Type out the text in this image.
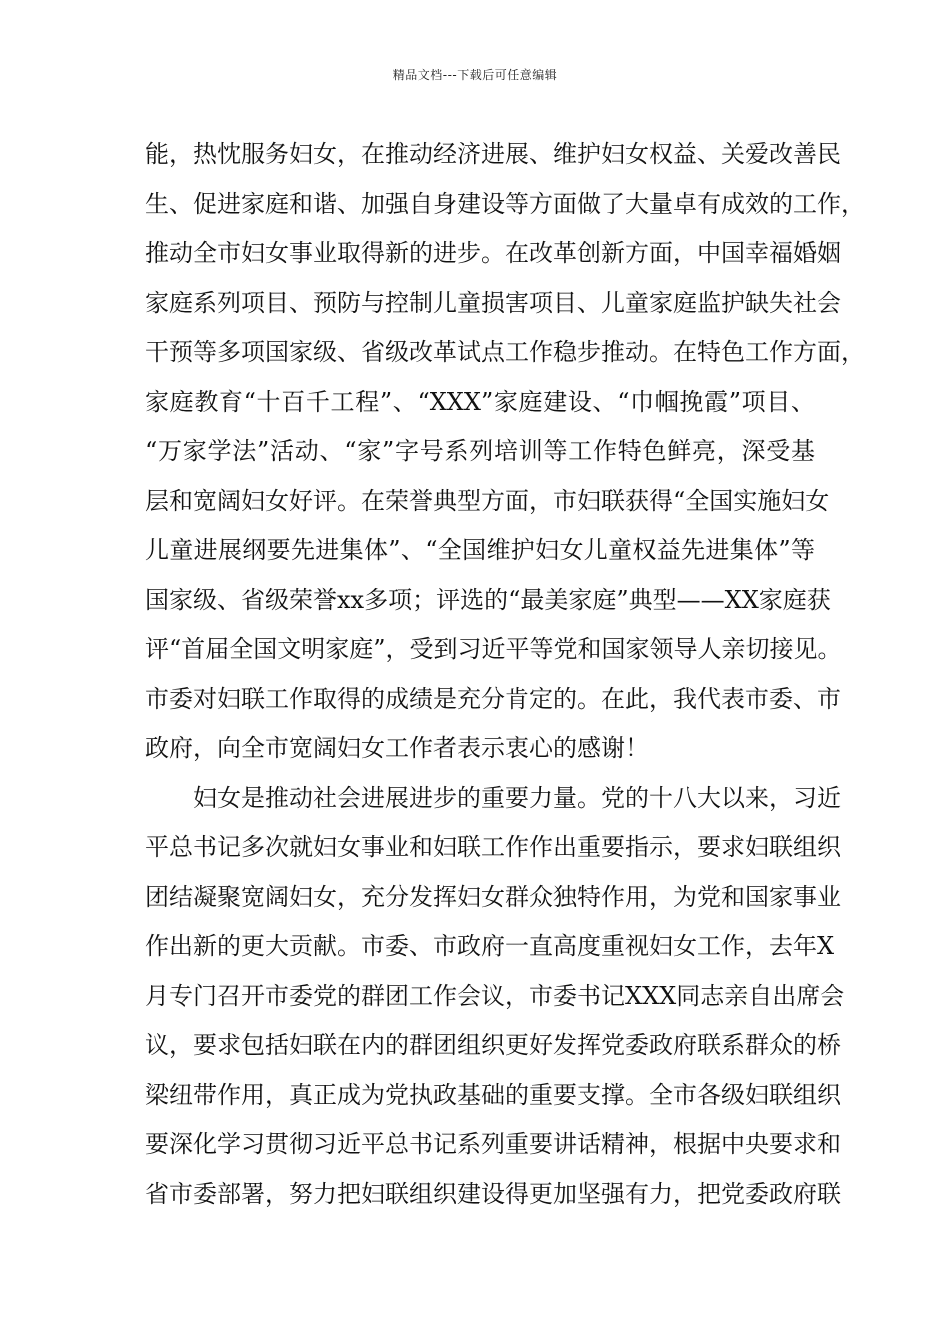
精品文档---下载后可任意编辑
能，热忱服务妇女，在推动经济进展、维护妇女权益、关爱改善民
生、促进家庭和谐、加强自身建设等方面做了大量卓有成效的工作，
推动全市妇女事业取得新的进步。在改革创新方面，中国幸福婚姻
家庭系列项目、预防与控制儿童损害项目、儿童家庭监护缺失社会
干预等多项国家级、省级改革试点工作稳步推动。在特色工作方面，
家庭教育“十百千工程”、“XXX”家庭建设、“巾帼挽霞”项目、
“万家学法”活动、“家”字号系列培训等工作特色鲜亮，深受基
层和宽阔妇女好评。在荣誉典型方面，市妇联获得“全国实施妇女
儿童进展纲要先进集体”、“全国维护妇女儿童权益先进集体”等
国家级、省级荣誉xx多项；评选的“最美家庭”典型——XX家庭获
评“首届全国文明家庭”，受到习近平等党和国家领导人亲切接见。
市委对妇联工作取得的成绩是充分肯定的。在此，我代表市委、市
政府，向全市宽阔妇女工作者表示衷心的感谢！
妇女是推动社会进展进步的重要力量。党的十八大以来，习近
平总书记多次就妇女事业和妇联工作作出重要指示，要求妇联组织
团结凝聚宽阔妇女，充分发挥妇女群众独特作用，为党和国家事业
作出新的更大贡献。市委、市政府一直高度重视妇女工作，去年X
月专门召开市委党的群团工作会议，市委书记XXX同志亲自出席会
议，要求包括妇联在内的群团组织更好发挥党委政府联系群众的桥
梁纽带作用，真正成为党执政基础的重要支撑。全市各级妇联组织
要深化学习贯彻习近平总书记系列重要讲话精神，根据中央要求和
省市委部署，努力把妇联组织建设得更加坚强有力，把党委政府联
